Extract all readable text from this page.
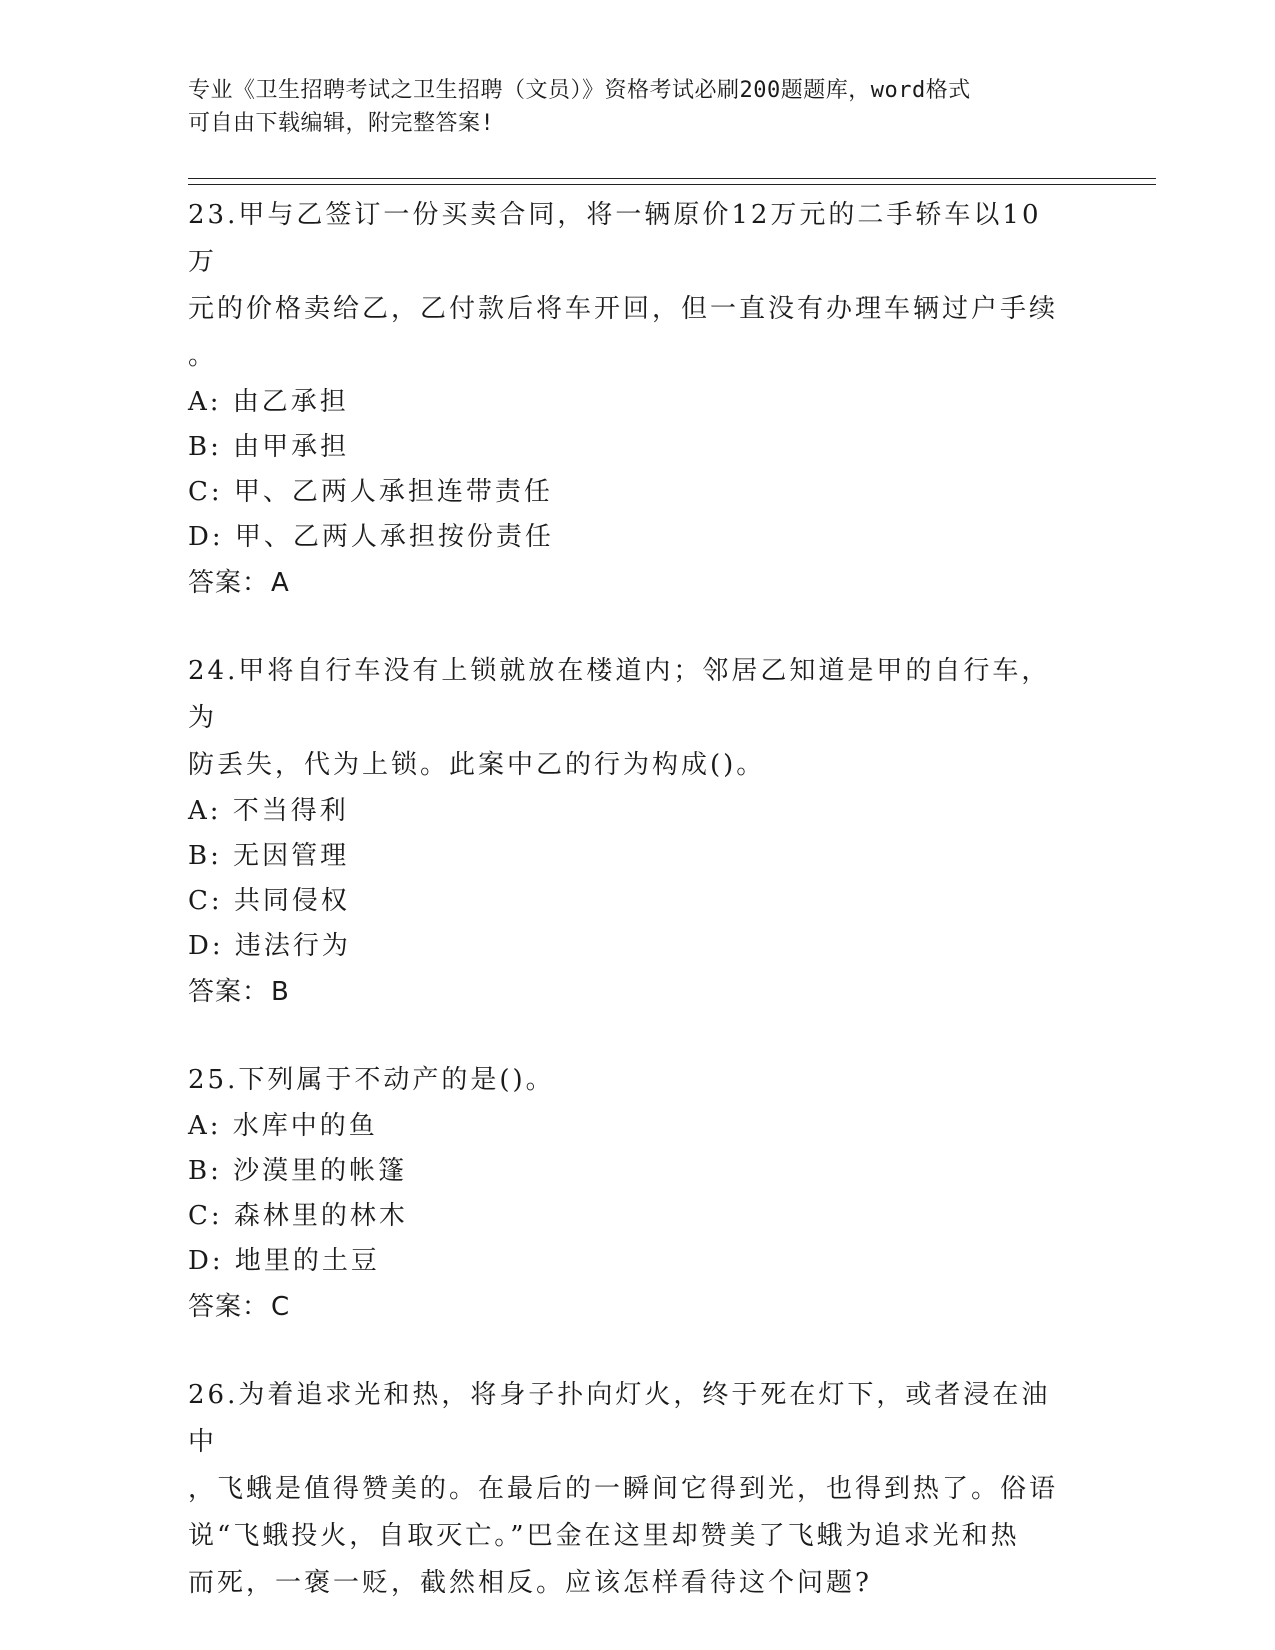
专业《卫生招聘考试之卫生招聘（文员）》资格考试必刷200题题库，word格式
可自由下载编辑，附完整答案!
23.甲与乙签订一份买卖合同，将一辆原价12万元的二手轿车以10万
元的价格卖给乙，乙付款后将车开回，但一直没有办理车辆过户手续
。
A: 由乙承担
B: 由甲承担
C: 甲、乙两人承担连带责任
D: 甲、乙两人承担按份责任
答案：A
24.甲将自行车没有上锁就放在楼道内；邻居乙知道是甲的自行车，为
防丢失，代为上锁。此案中乙的行为构成()。
A: 不当得利
B: 无因管理
C: 共同侵权
D: 违法行为
答案：B
25.下列属于不动产的是()。
A: 水库中的鱼
B: 沙漠里的帐篷
C: 森林里的林木
D: 地里的土豆
答案：C
26.为着追求光和热，将身子扑向灯火，终于死在灯下，或者浸在油中
，飞蛾是值得赞美的。在最后的一瞬间它得到光，也得到热了。俗语
说“飞蛾投火，自取灭亡。”巴金在这里却赞美了飞蛾为追求光和热
而死，一褒一贬，截然相反。应该怎样看待这个问题?
